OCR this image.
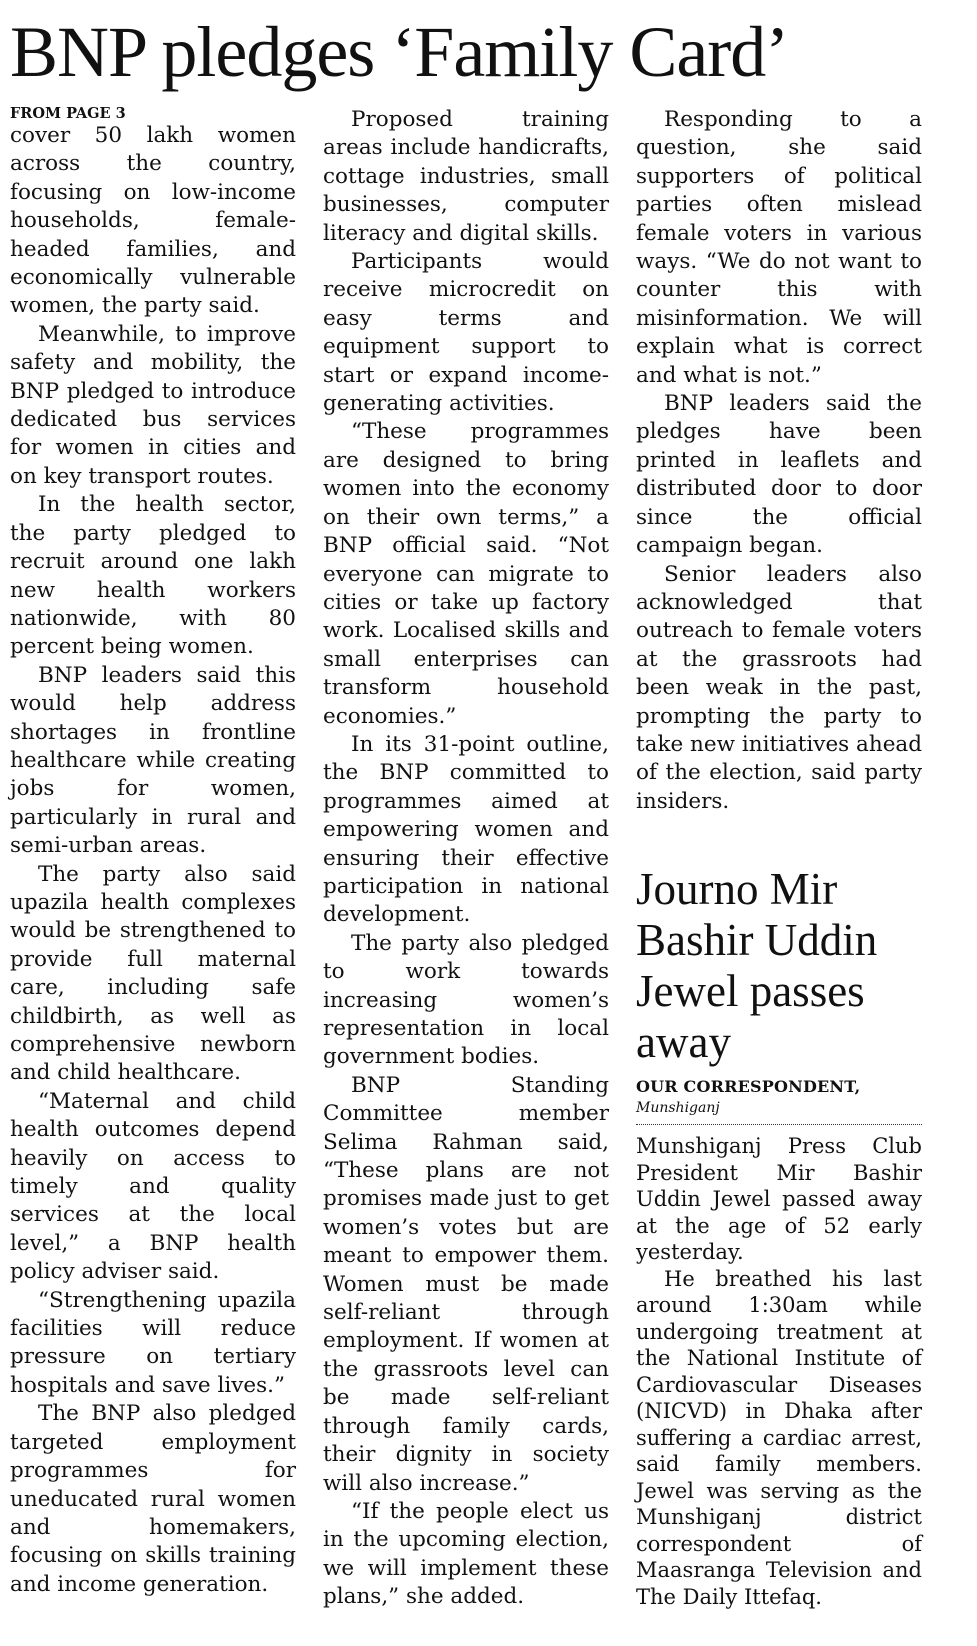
BNP pledges ‘Family Card’
FROM PAGE 3

cover 50 lakh women across the country, focusing on low-income households, female-headed families, and economically vulnerable women, the party said.

Meanwhile, to improve safety and mobility, the BNP pledged to introduce dedicated bus services for women in cities and on key transport routes.

In the health sector, the party pledged to recruit around one lakh new health workers nationwide, with 80 percent being women.

BNP leaders said this would help address shortages in frontline healthcare while creating jobs for women, particularly in rural and semi-urban areas.

The party also said upazila health complexes would be strengthened to provide full maternal care, including safe childbirth, as well as comprehensive newborn and child healthcare.

“Maternal and child health outcomes depend heavily on access to timely and quality services at the local level,” a BNP health policy adviser said.

“Strengthening upazila facilities will reduce pressure on tertiary hospitals and save lives.”

The BNP also pledged targeted employment programmes for uneducated rural women and homemakers, focusing on skills training and income generation.

Proposed training areas include handicrafts, cottage industries, small businesses, computer literacy and digital skills.

Participants would receive microcredit on easy terms and equipment support to start or expand income-generating activities.

“These programmes are designed to bring women into the economy on their own terms,” a BNP official said. “Not everyone can migrate to cities or take up factory work. Localised skills and small enterprises can transform household economies.”

In its 31-point outline, the BNP committed to programmes aimed at empowering women and ensuring their effective participation in national development.

The party also pledged to work towards increasing women’s representation in local government bodies.

BNP Standing Committee member Selima Rahman said, “These plans are not promises made just to get women’s votes but are meant to empower them. Women must be made self-reliant through employment. If women at the grassroots level can be made self-reliant through family cards, their dignity in society will also increase.”

“If the people elect us in the upcoming election, we will implement these plans,” she added.

Responding to a question, she said supporters of political parties often mislead female voters in various ways. “We do not want to counter this with misinformation. We will explain what is correct and what is not.”

BNP leaders said the pledges have been printed in leaflets and distributed door to door since the official campaign began.

Senior leaders also acknowledged that outreach to female voters at the grassroots had been weak in the past, prompting the party to take new initiatives ahead of the election, said party insiders.

Journo Mir Bashir Uddin Jewel passes away
OUR CORRESPONDENT,
Munshiganj

Munshiganj Press Club President Mir Bashir Uddin Jewel passed away at the age of 52 early yesterday.

He breathed his last around 1:30am while undergoing treatment at the National Institute of Cardiovascular Diseases (NICVD) in Dhaka after suffering a cardiac arrest, said family members. Jewel was serving as the Munshiganj district correspondent of Maasranga Television and The Daily Ittefaq.
